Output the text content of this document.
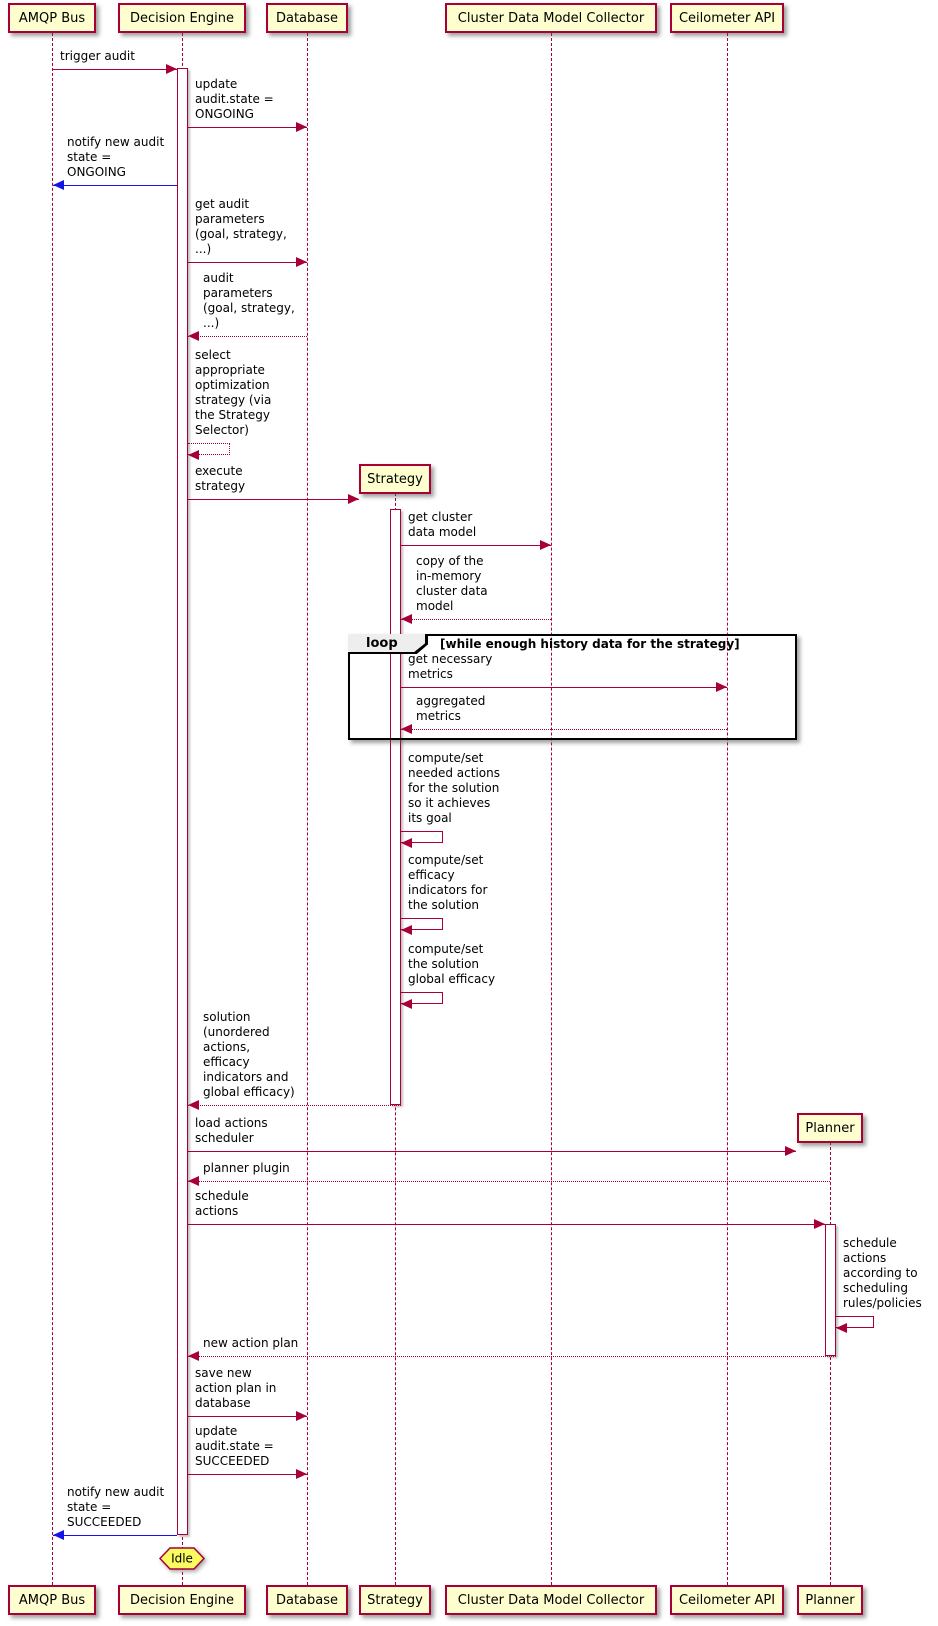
trigger audit
update
audit.state =
ONGOING
notify new audit
state =
ONGOING
get audit
parameters
(goal, strategy,
...)
audit
parameters
(goal, strategy,
...)
select
appropriate
optimization
strategy (via
the Strategy
Selector)
execute
strategy
get cluster
data model
copy of the
in-memory
cluster data
model
get necessary
metrics
aggregated
metrics
compute/set
needed actions
for the solution
so it achieves
its goal
compute/set
efficacy
indicators for
the solution
compute/set
the solution
global efficacy
solution
(unordered
actions,
efficacy
indicators and
global efficacy)
load actions
scheduler
planner plugin
schedule
actions
schedule
actions
according to
scheduling
rules/policies
new action plan
save new
action plan in
database
update
audit.state =
SUCCEEDED
notify new audit
state =
SUCCEEDED
AMQP Bus
AMQP Bus
Decision Engine
Decision Engine
Database
Database
Strategy
Strategy
Cluster Data Model Collector
Cluster Data Model Collector
Ceilometer API
Ceilometer API
Planner
Planner
loop	[while enough history data for the strategy]
Idle
